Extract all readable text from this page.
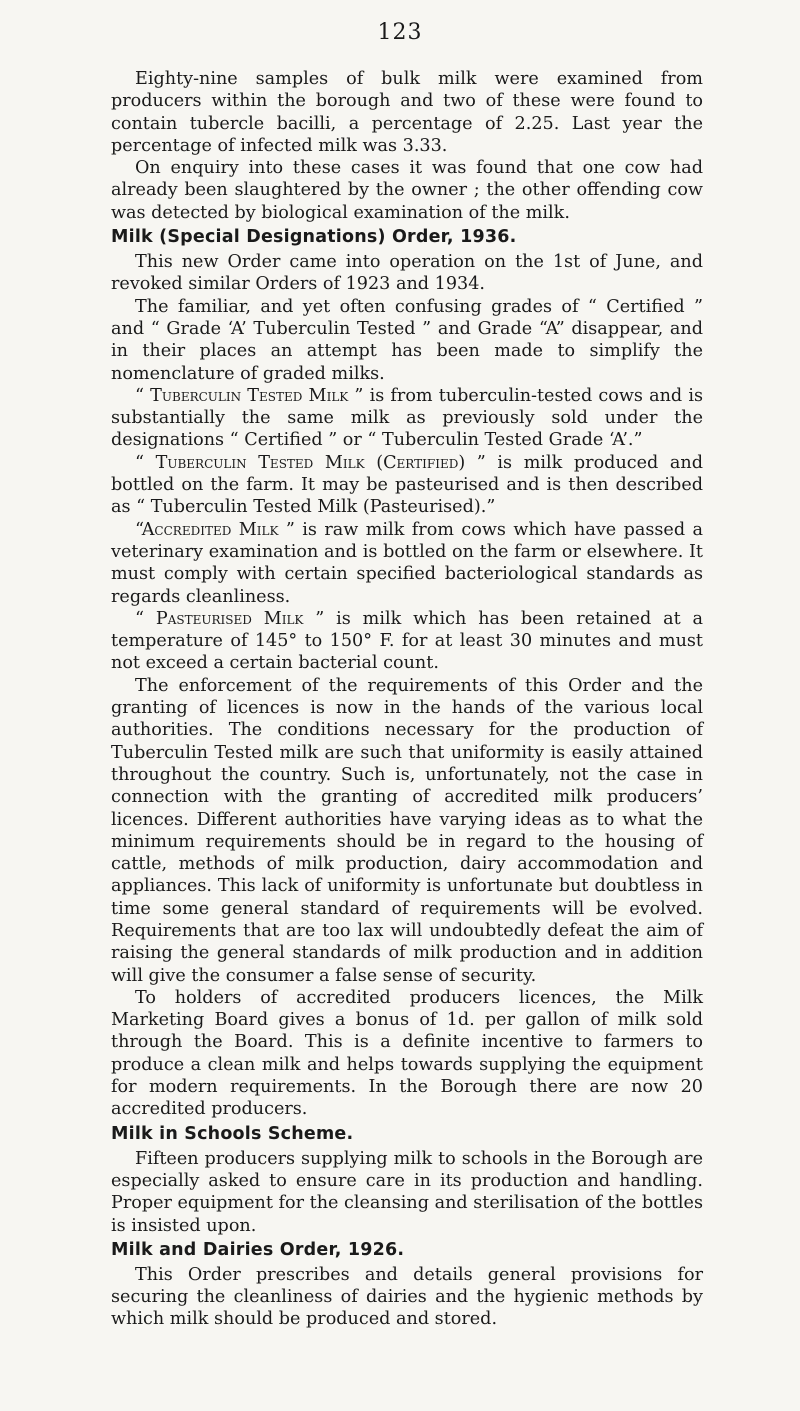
123

Eighty-nine samples of bulk milk were examined from producers within the borough and two of these were found to contain tubercle bacilli, a percentage of 2.25. Last year the percentage of infected milk was 3.33.

On enquiry into these cases it was found that one cow had already been slaughtered by the owner ; the other offending cow was detected by biological examination of the milk.

Milk (Special Designations) Order, 1936.

This new Order came into operation on the 1st of June, and revoked similar Orders of 1923 and 1934.

The familiar, and yet often confusing grades of “ Certified ” and “ Grade ‘A’ Tuberculin Tested ” and Grade “A” disappear, and in their places an attempt has been made to simplify the nomenclature of graded milks.

“ Tuberculin Tested Milk ” is from tuberculin-tested cows and is substantially the same milk as previously sold under the designations “ Certified ” or “ Tuberculin Tested Grade ‘A’.”

“ Tuberculin Tested Milk (Certified) ” is milk produced and bottled on the farm. It may be pasteurised and is then described as “ Tuberculin Tested Milk (Pasteurised).”

“Accredited Milk ” is raw milk from cows which have passed a veterinary examination and is bottled on the farm or elsewhere. It must comply with certain specified bacteriological standards as regards cleanliness.

“ Pasteurised Milk ” is milk which has been retained at a temperature of 145° to 150° F. for at least 30 minutes and must not exceed a certain bacterial count.

The enforcement of the requirements of this Order and the granting of licences is now in the hands of the various local authorities. The conditions necessary for the production of Tuberculin Tested milk are such that uniformity is easily attained throughout the country. Such is, unfortunately, not the case in connection with the granting of accredited milk producers’ licences. Different authorities have varying ideas as to what the minimum requirements should be in regard to the housing of cattle, methods of milk production, dairy accommodation and appliances. This lack of uniformity is unfortunate but doubtless in time some general standard of requirements will be evolved. Requirements that are too lax will undoubtedly defeat the aim of raising the general standards of milk production and in addition will give the consumer a false sense of security.

To holders of accredited producers licences, the Milk Marketing Board gives a bonus of 1d. per gallon of milk sold through the Board. This is a definite incentive to farmers to produce a clean milk and helps towards supplying the equipment for modern requirements. In the Borough there are now 20 accredited producers.

Milk in Schools Scheme.

Fifteen producers supplying milk to schools in the Borough are especially asked to ensure care in its production and handling. Proper equipment for the cleansing and sterilisation of the bottles is insisted upon.

Milk and Dairies Order, 1926.

This Order prescribes and details general provisions for securing the cleanliness of dairies and the hygienic methods by which milk should be produced and stored.
